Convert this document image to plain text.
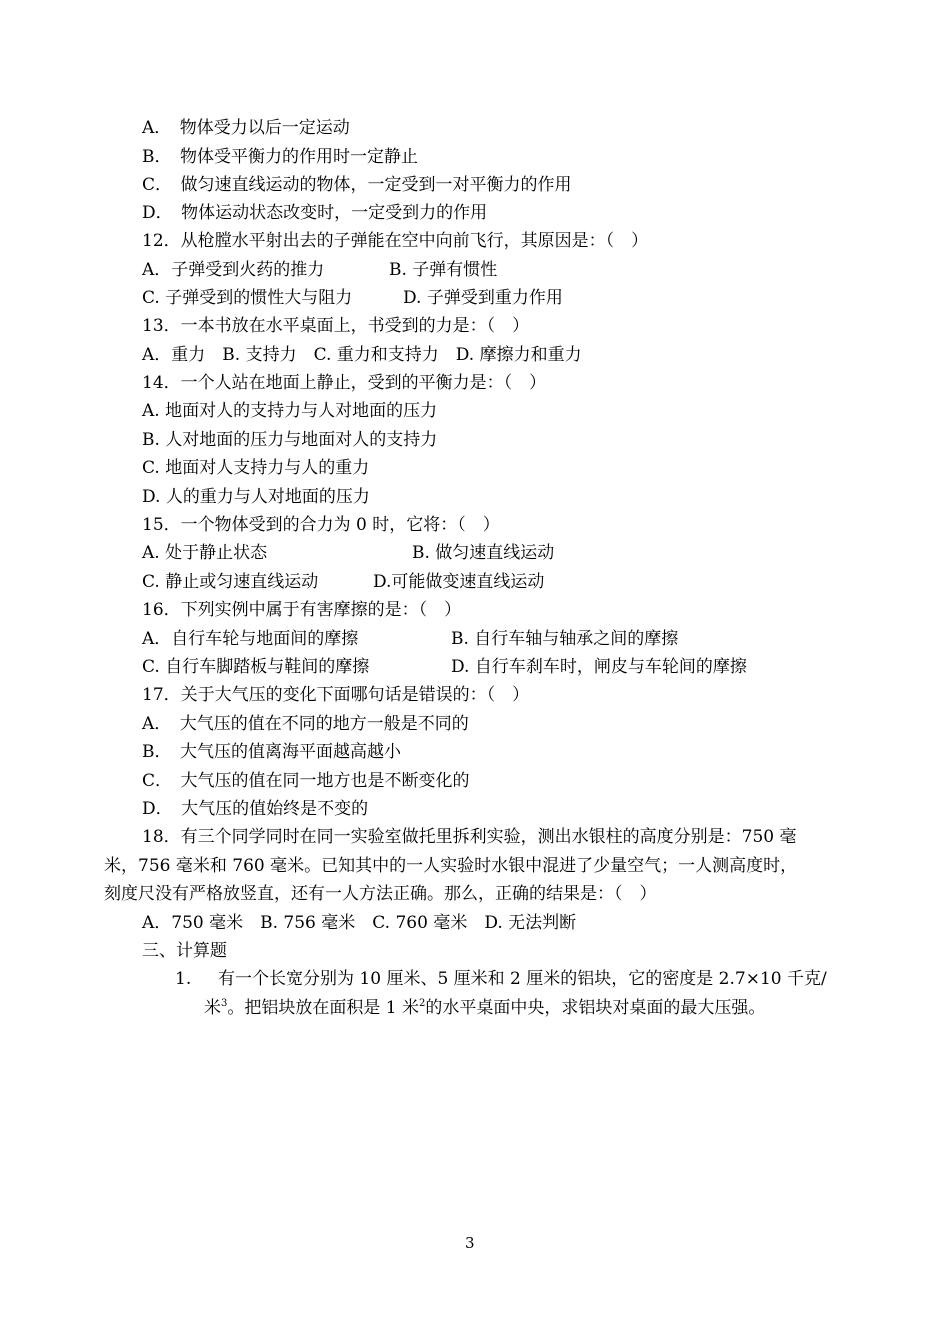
A．　物体受力以后一定运动
B．　物体受平衡力的作用时一定静止
C．　做匀速直线运动的物体，一定受到一对平衡力的作用
D．　物体运动状态改变时，一定受到力的作用
12．从枪膛水平射出去的子弹能在空中向前飞行，其原因是：（　）
A．子弹受到火药的推力	B. 子弹有惯性
C. 子弹受到的惯性大与阻力	D. 子弹受到重力作用
13．一本书放在水平桌面上，书受到的力是：（　）
A．重力　B. 支持力　C. 重力和支持力　D. 摩擦力和重力
14．一个人站在地面上静止，受到的平衡力是：（　）
A. 地面对人的支持力与人对地面的压力
B. 人对地面的压力与地面对人的支持力
C. 地面对人支持力与人的重力
D. 人的重力与人对地面的压力
15．一个物体受到的合力为 0 时，它将：（　）
A. 处于静止状态	B. 做匀速直线运动
C. 静止或匀速直线运动	D.可能做变速直线运动
16．下列实例中属于有害摩擦的是：（　）
A．自行车轮与地面间的摩擦	B. 自行车轴与轴承之间的摩擦
C. 自行车脚踏板与鞋间的摩擦	D. 自行车刹车时，闸皮与车轮间的摩擦
17．关于大气压的变化下面哪句话是错误的：（　）
A．　大气压的值在不同的地方一般是不同的
B．　大气压的值离海平面越高越小
C．　大气压的值在同一地方也是不断变化的
D．　大气压的值始终是不变的
18．有三个同学同时在同一实验室做托里拆利实验，测出水银柱的高度分别是：750 毫
米，756 毫米和 760 毫米。已知其中的一人实验时水银中混进了少量空气；一人测高度时，
刻度尺没有严格放竖直，还有一人方法正确。那么，正确的结果是：（　）
A．750 毫米　B. 756 毫米　C. 760 毫米　D. 无法判断
三、计算题
1. 有一个长宽分别为 10 厘米、5 厘米和 2 厘米的铝块，它的密度是 2.7×10 千克/
米$^3$。把铝块放在面积是 1 米$^2$的水平桌面中央，求铝块对桌面的最大压强。
3
